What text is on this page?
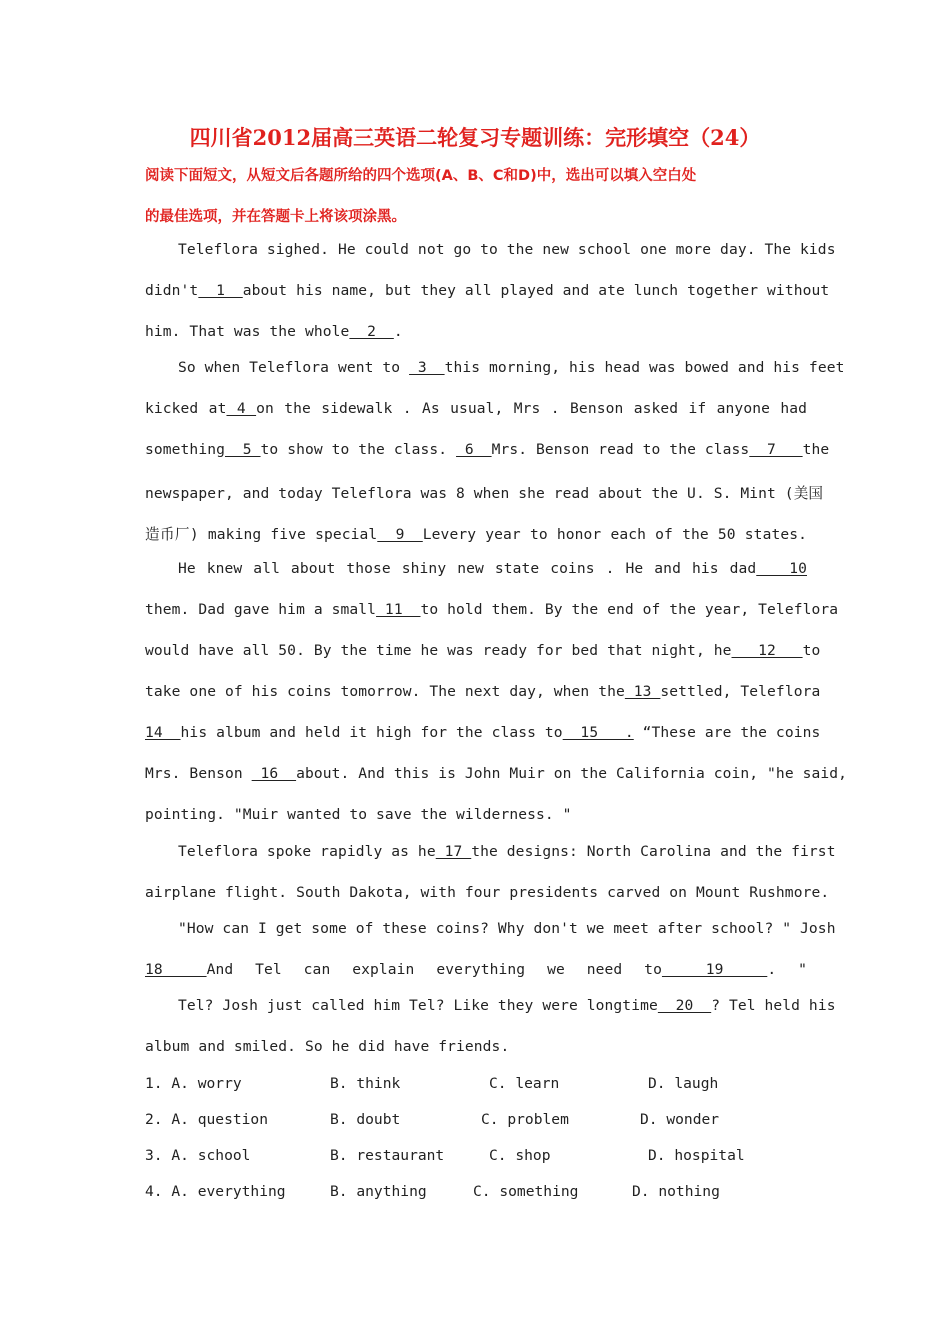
四川省2012届高三英语二轮复习专题训练：完形填空（24）

阅读下面短文，从短文后各题所给的四个选项(A、B、C和D)中，选出可以填入空白处

的最佳选项，并在答题卡上将该项涂黑。

Teleflora sighed. He could not go to the new school one more day. The kids

didn't  1  about his name, but they all played and ate lunch together without

him. That was the whole  2  .

So when Teleflora went to  3  this morning, his head was bowed and his feet

kicked at 4 on the sidewalk . As usual, Mrs . Benson asked if anyone had

something  5 to show to the class.  6  Mrs. Benson read to the class  7   the

newspaper, and today Teleflora was 8 when she read about the U. S. Mint (美国

造币厂) making five special  9  Levery year to honor each of the 50 states.

He knew all about those shiny new state coins . He and his dad   10

them. Dad gave him a small 11  to hold them. By the end of the year, Teleflora

would have all 50. By the time he was ready for bed that night, he   12   to

take one of his coins tomorrow. The next day, when the 13 settled, Teleflora

14  his album and held it high for the class to  15   . “These are the coins

Mrs. Benson  16  about. And this is John Muir on the California coin, "he said,

pointing. "Muir wanted to save the wilderness. "

Teleflora spoke rapidly as he 17 the designs: North Carolina and the first

airplane flight. South Dakota, with four presidents carved on Mount Rushmore.

"How can I get some of these coins? Why don't we meet after school? " Josh

18  And Tel can explain everything we need to  19  . "

Tel? Josh just called him Tel? Like they were longtime  20  ? Tel held his

album and smiled. So he did have friends.

1. A. worry	B. think	C. learn	D. laugh

2. A. question	B. doubt	C. problem	D. wonder

3. A. school	B. restaurant	C. shop	D. hospital

4. A. everything	B. anything	C. something	D. nothing
